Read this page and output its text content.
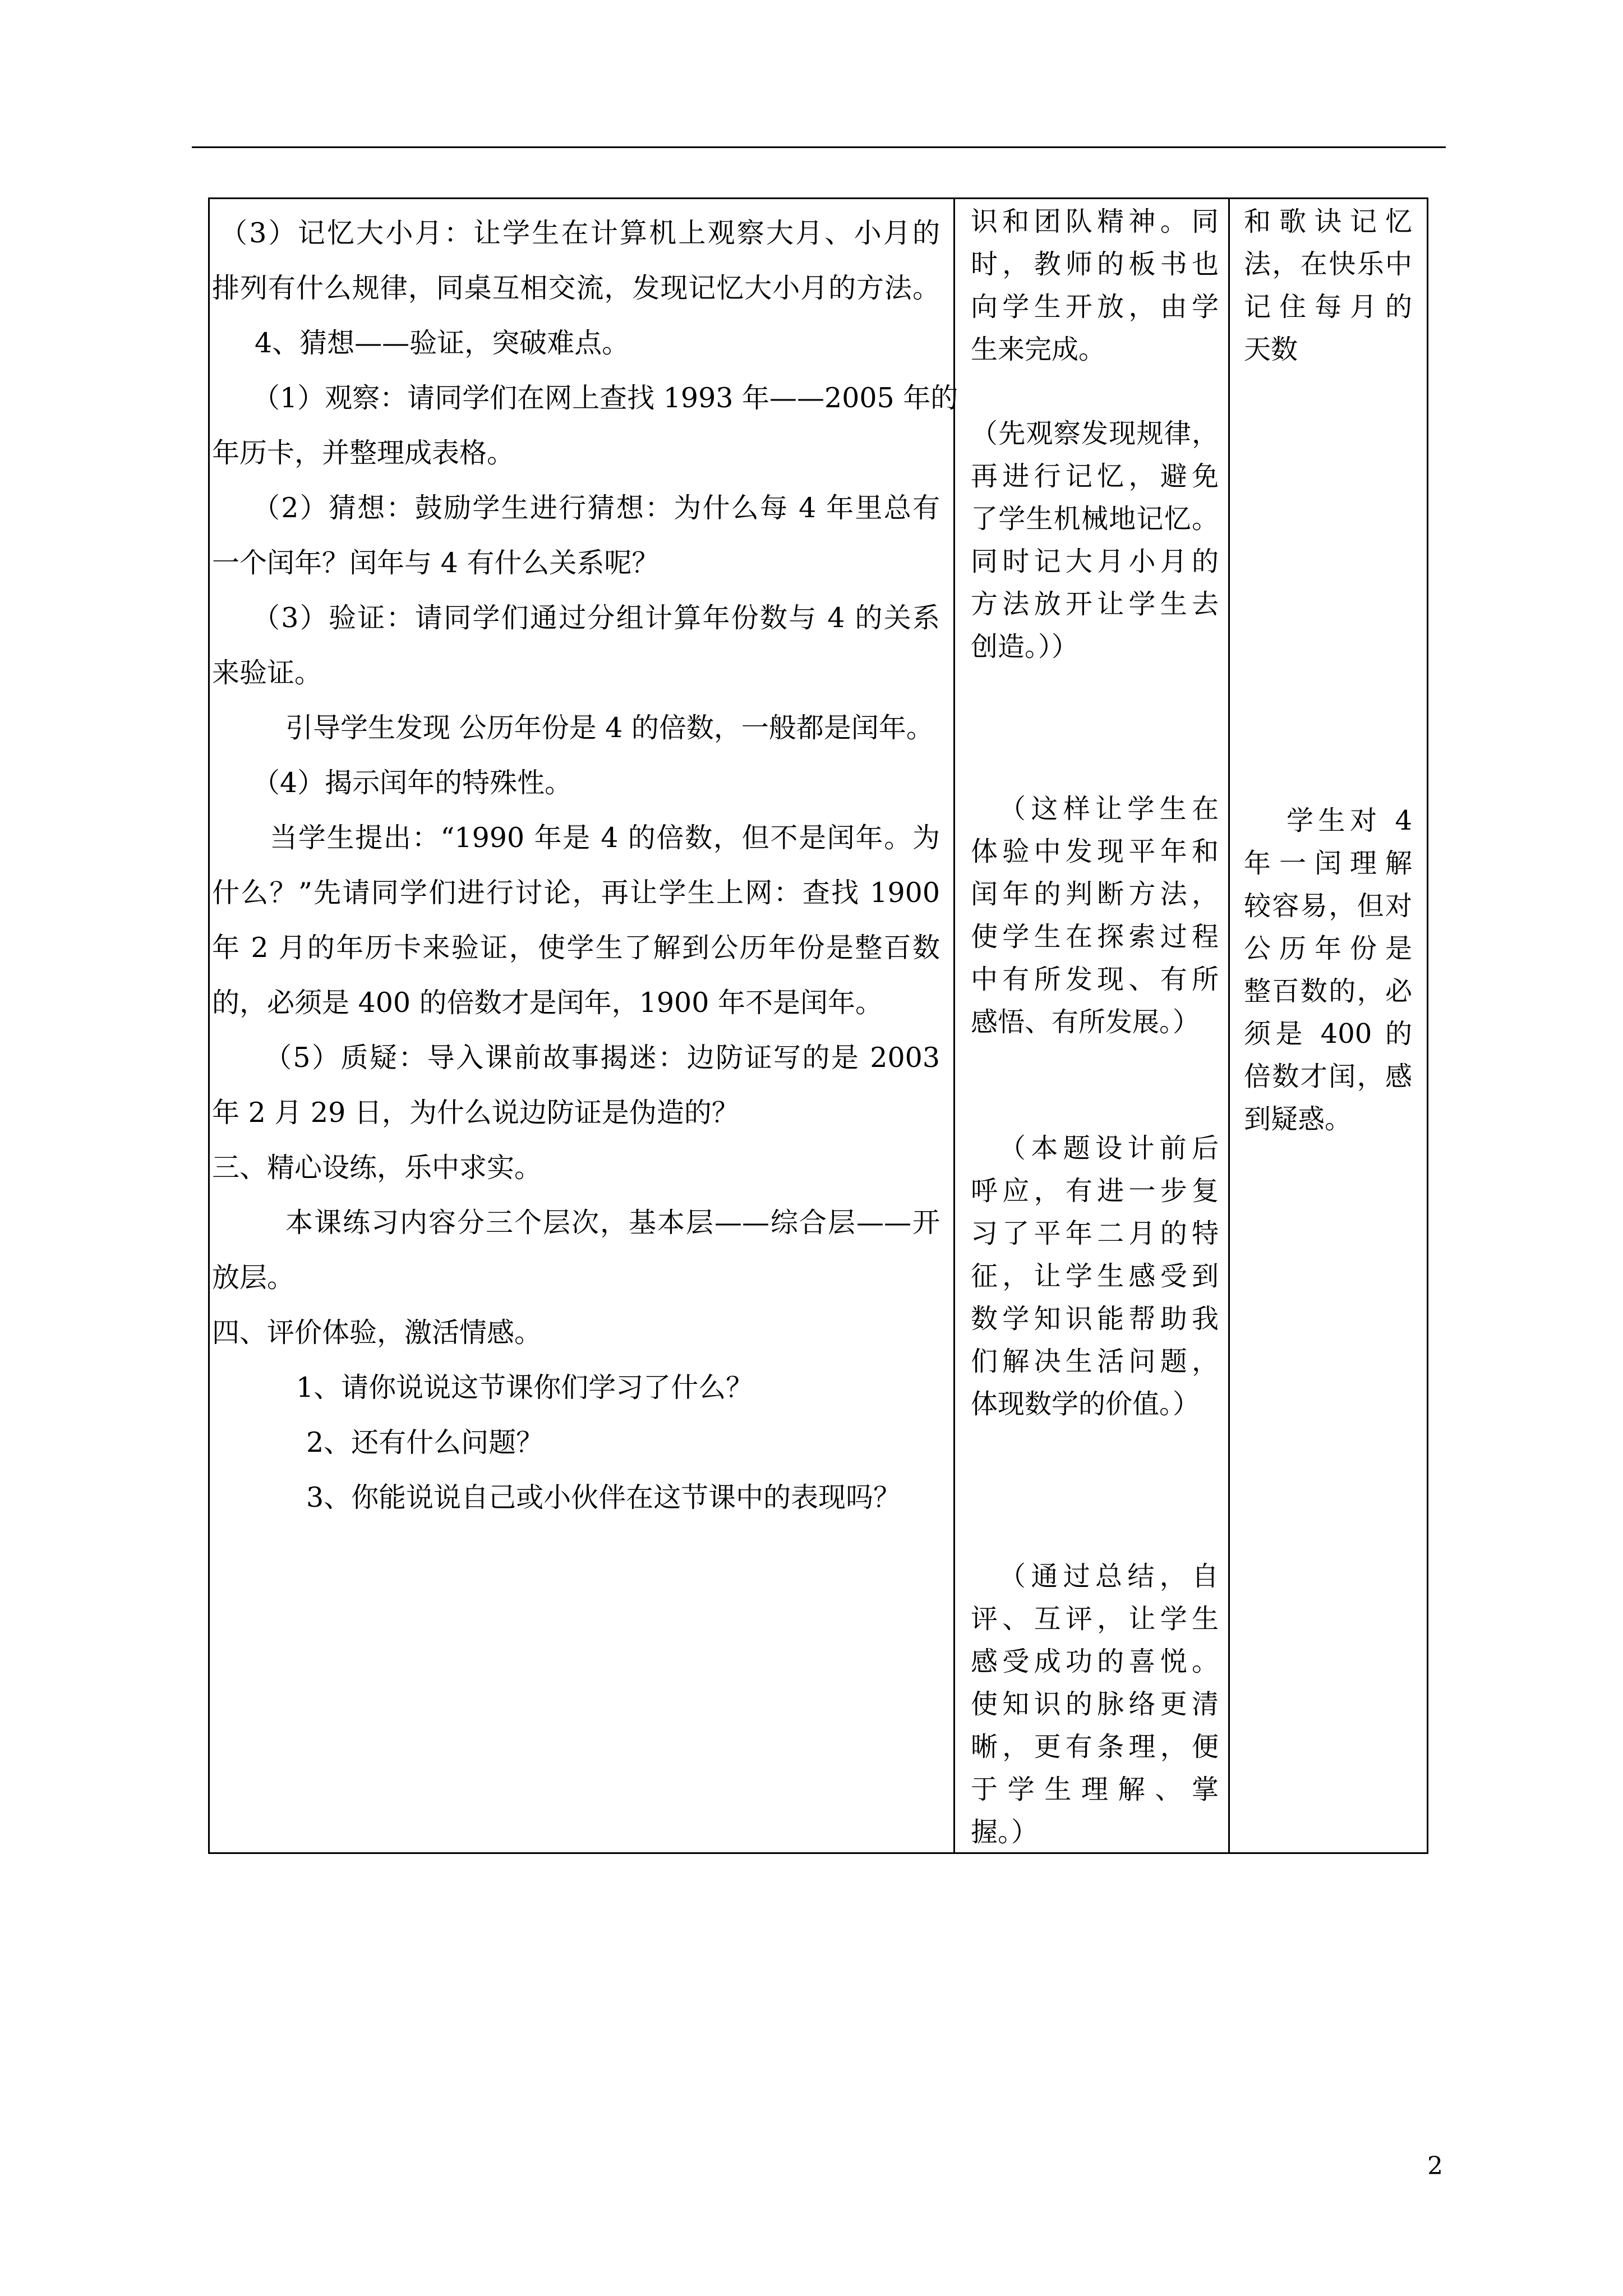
（3）记忆大小月：让学生在计算机上观察大月、小月的
排列有什么规律，同桌互相交流，发现记忆大小月的方法。
4、猜想——验证，突破难点。
（1）观察：请同学们在网上查找 1993 年——2005 年的
年历卡，并整理成表格。
（2）猜想：鼓励学生进行猜想：为什么每 4 年里总有
一个闰年？闰年与 4 有什么关系呢？
（3）验证：请同学们通过分组计算年份数与 4 的关系
来验证。
引导学生发现 公历年份是 4 的倍数，一般都是闰年。
（4）揭示闰年的特殊性。
当学生提出：“1990 年是 4 的倍数，但不是闰年。为
什么？”先请同学们进行讨论，再让学生上网：查找 1900
年 2 月的年历卡来验证，使学生了解到公历年份是整百数
的，必须是 400 的倍数才是闰年，1900 年不是闰年。
（5）质疑：导入课前故事揭迷：边防证写的是 2003
年 2 月 29 日，为什么说边防证是伪造的？
三、精心设练，乐中求实。
本课练习内容分三个层次，基本层——综合层——开
放层。
四、评价体验，激活情感。
1、请你说说这节课你们学习了什么？
2、还有什么问题？
3、你能说说自己或小伙伴在这节课中的表现吗？
识和团队精神。同
时，教师的板书也
向学生开放，由学
生来完成。
（先观察发现规律，
再进行记忆，避免
了学生机械地记忆。
同时记大月小月的
方法放开让学生去
创造。））
（这样让学生在
体验中发现平年和
闰年的判断方法，
使学生在探索过程
中有所发现、有所
感悟、有所发展。）
（本题设计前后
呼应，有进一步复
习了平年二月的特
征，让学生感受到
数学知识能帮助我
们解决生活问题，
体现数学的价值。）
（通过总结，自
评、互评，让学生
感受成功的喜悦。
使知识的脉络更清
晰，更有条理，便
于学生理解、掌
握。）
和歌诀记忆
法，在快乐中
记住每月的
天数
学生对 4
年一闰理解
较容易，但对
公历年份是
整百数的，必
须是 400 的
倍数才闰，感
到疑惑。
2
